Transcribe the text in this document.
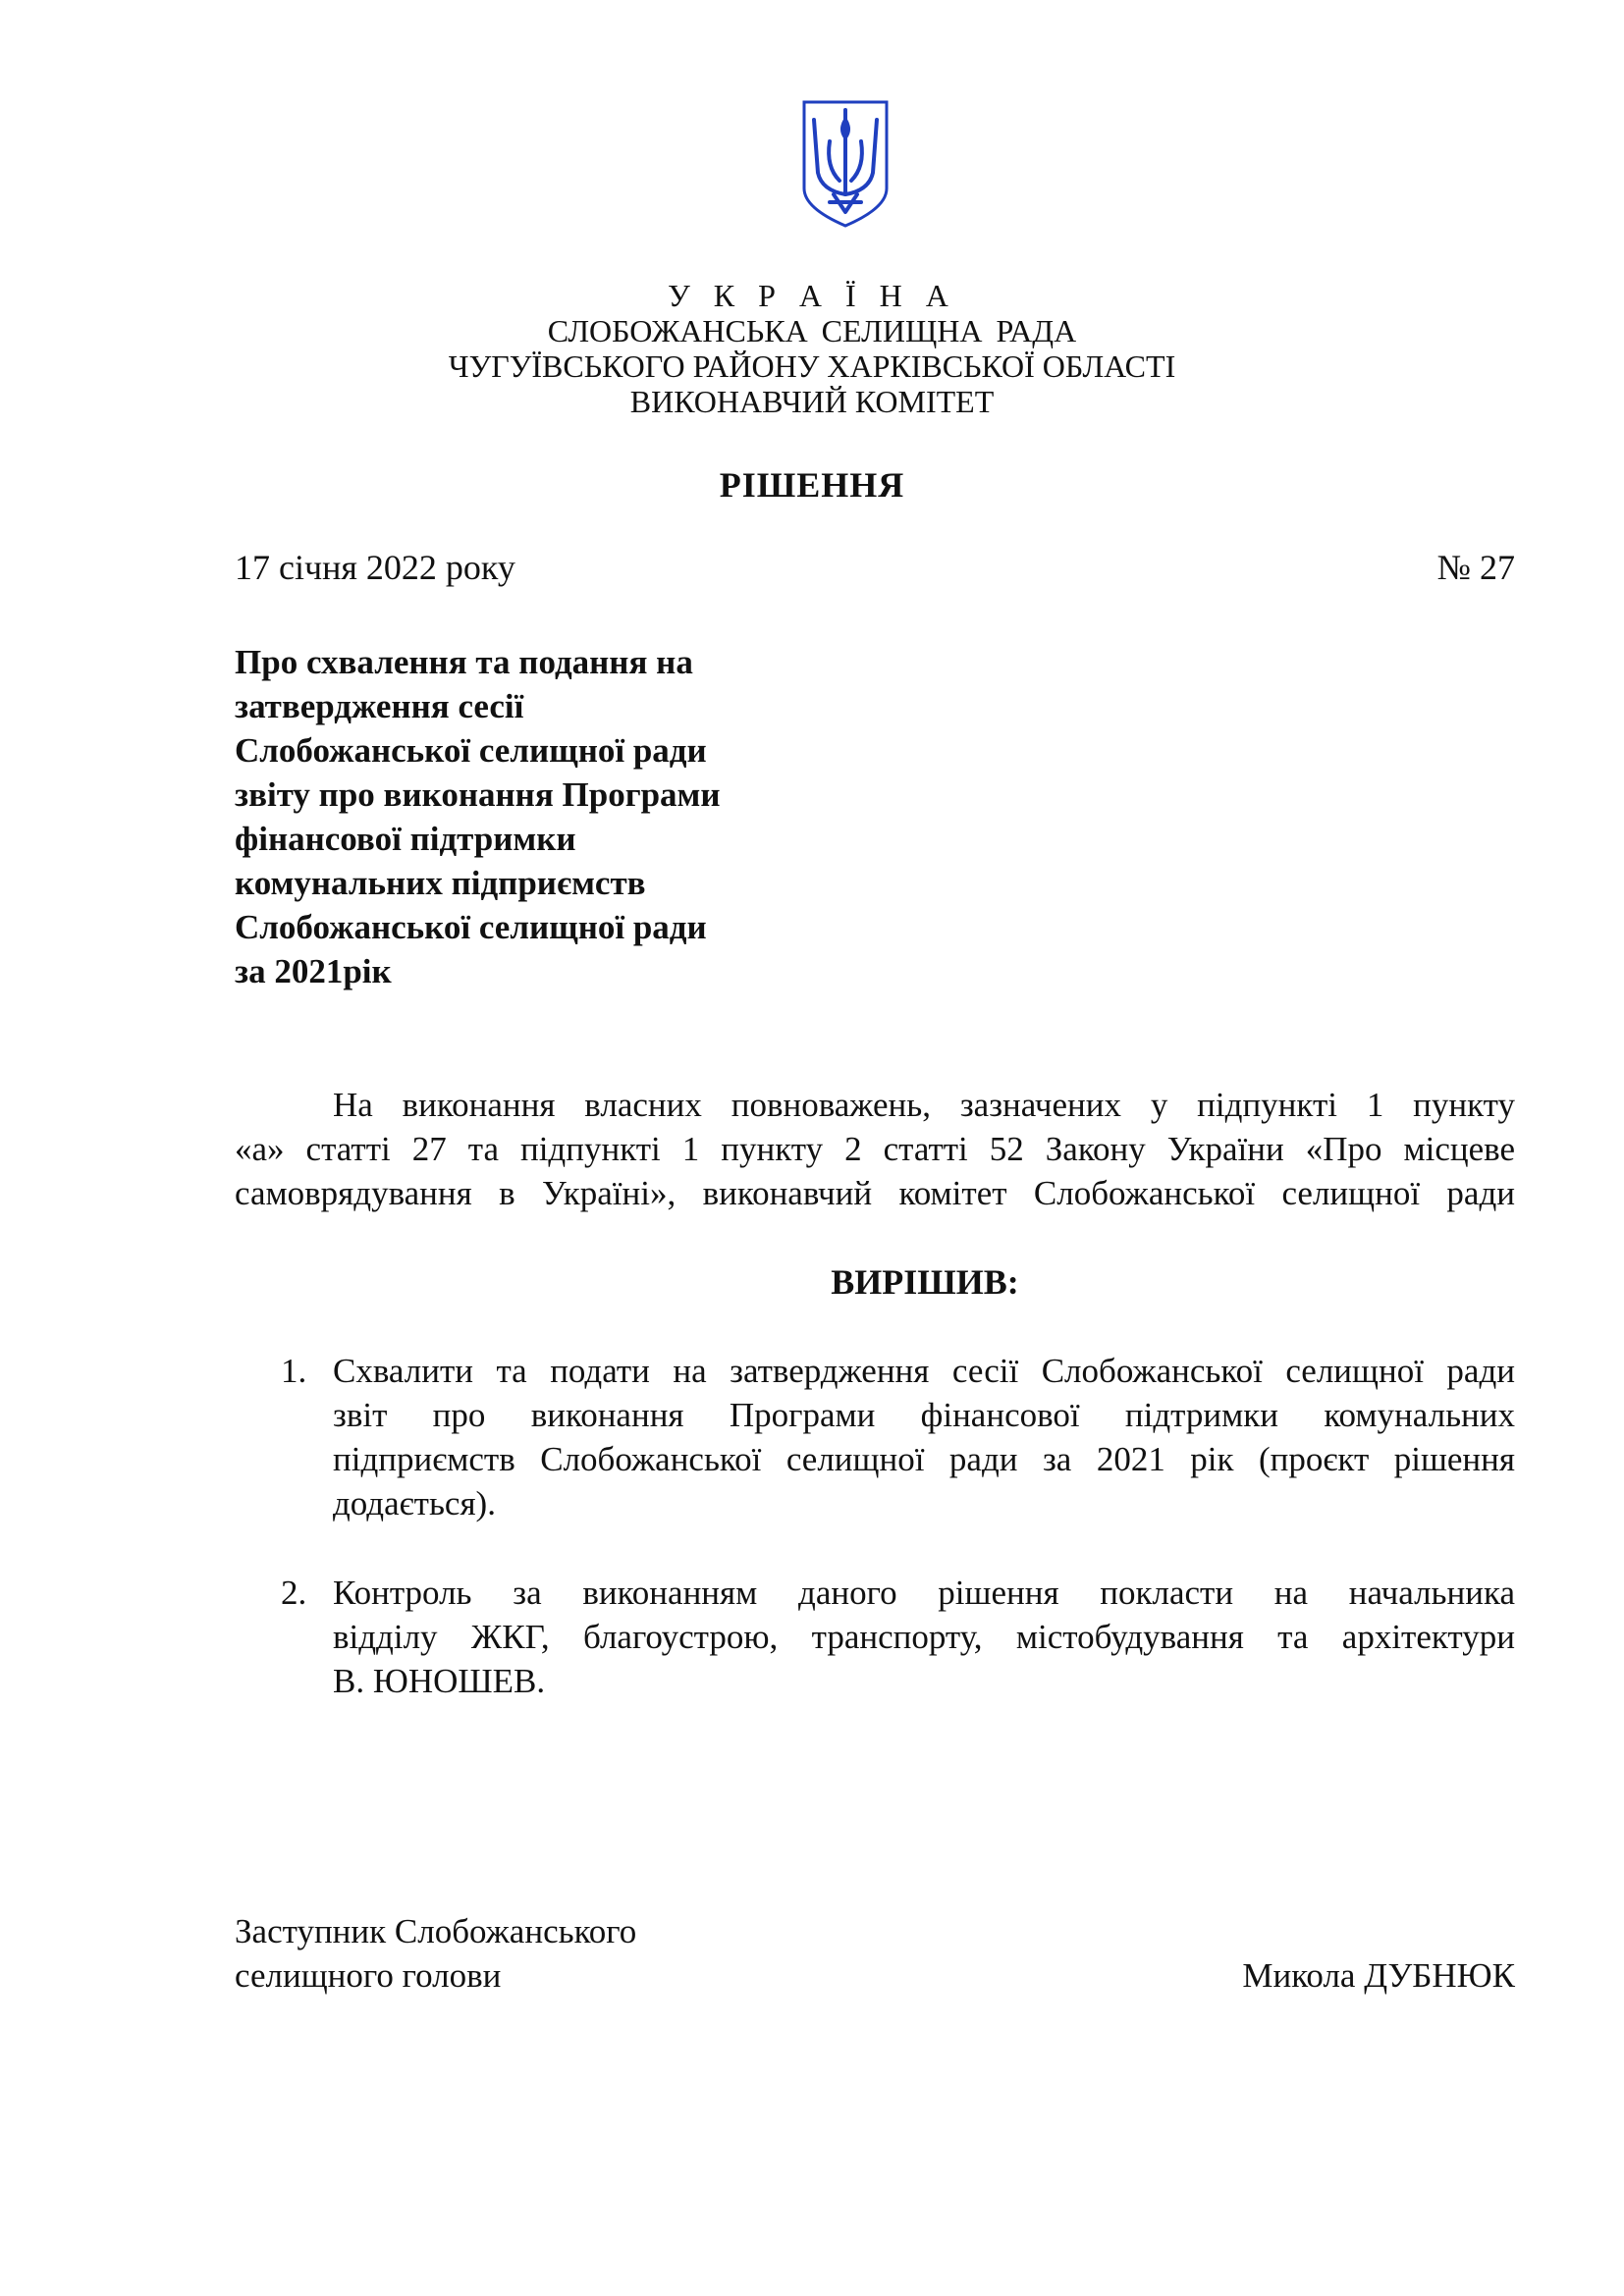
У К Р А Ї Н А
СЛОБОЖАНСЬКА СЕЛИЩНА РАДА
ЧУГУЇВСЬКОГО РАЙОНУ ХАРКІВСЬКОЇ ОБЛАСТІ
ВИКОНАВЧИЙ КОМІТЕТ
РІШЕННЯ
17 січня 2022 року	№ 27
Про схвалення та подання на
затвердження сесії
Слобожанської селищної ради
звіту про виконання Програми
фінансової підтримки
комунальних підприємств
Слобожанської селищної ради
за 2021рік
На виконання власних повноважень, зазначених у підпункті 1 пункту
«а» статті 27 та підпункті 1 пункту 2 статті 52 Закону України «Про місцеве
самоврядування в Україні», виконавчий комітет Слобожанської селищної ради
ВИРІШИВ:
1. Схвалити та подати на затвердження сесії Слобожанської селищної ради
звіт про виконання Програми фінансової підтримки комунальних
підприємств Слобожанської селищної ради за 2021 рік (проєкт рішення
додається).
2. Контроль за виконанням даного рішення покласти на начальника
відділу ЖКГ, благоустрою, транспорту, містобудування та архітектури
В. ЮНОШЕВ.
Заступник Слобожанського
селищного голови	Микола ДУБНЮК
